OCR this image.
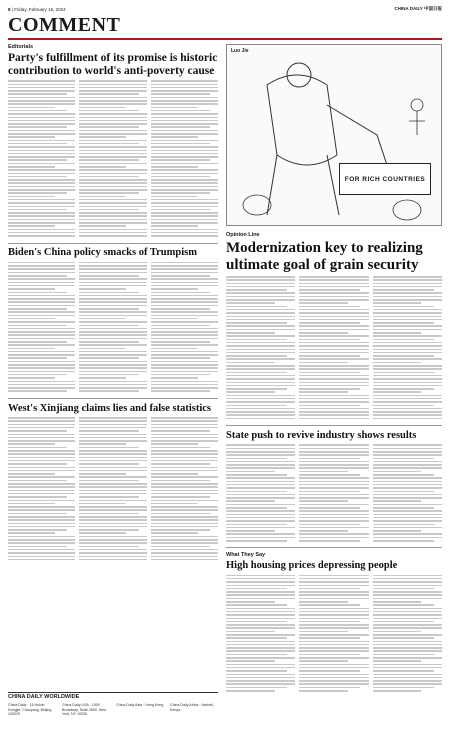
8 | Friday, February 16, 2024	CHINA DAILY 中国日报
COMMENT
Editorials
Party's fulfillment of its promise is historic contribution to world's anti-poverty cause
Biden's China policy smacks of Trumpism
West's Xinjiang claims lies and false statistics
CHINA DAILY WORLDWIDE
China Daily · 15 Huixin Dongjie, Chaoyang, Beijing 100029
China Daily USA · 1500 Broadway, Suite 2800, New York, NY 10036
China Daily Asia · Hong Kong China Daily Africa · Nairobi, Kenya
Luo Jie
FOR RICH COUNTRIES
Opinion Line
Modernization key to realizing ultimate goal of grain security
State push to revive industry shows results
What They Say
High housing prices depressing people
